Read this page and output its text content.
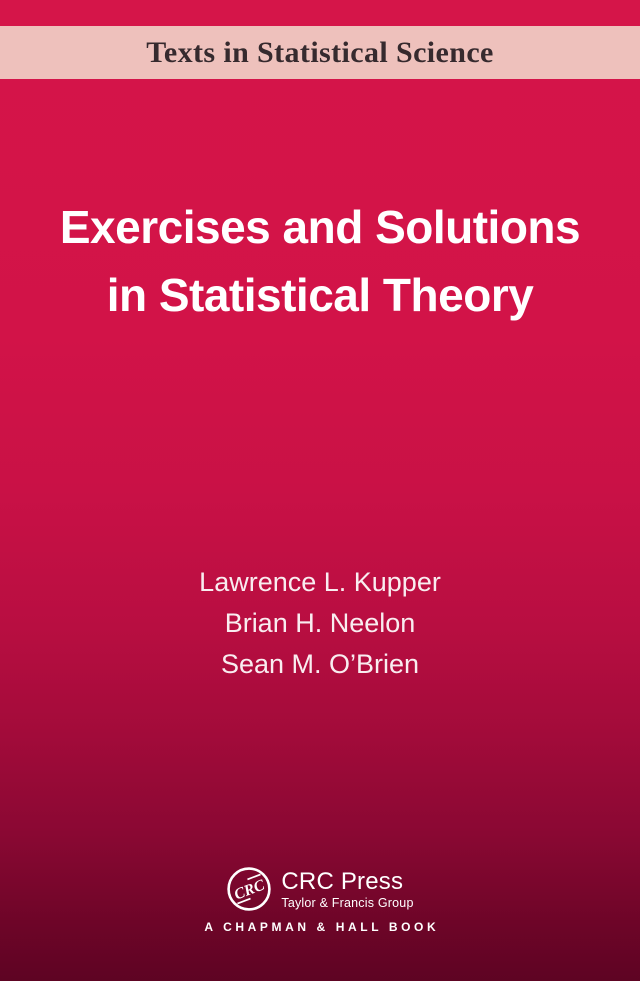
Texts in Statistical Science
Exercises and Solutions
in Statistical Theory
Lawrence L. Kupper
Brian H. Neelon
Sean M. O’Brien
CRC CRC Press
Taylor & Francis Group
A CHAPMAN & HALL BOOK
